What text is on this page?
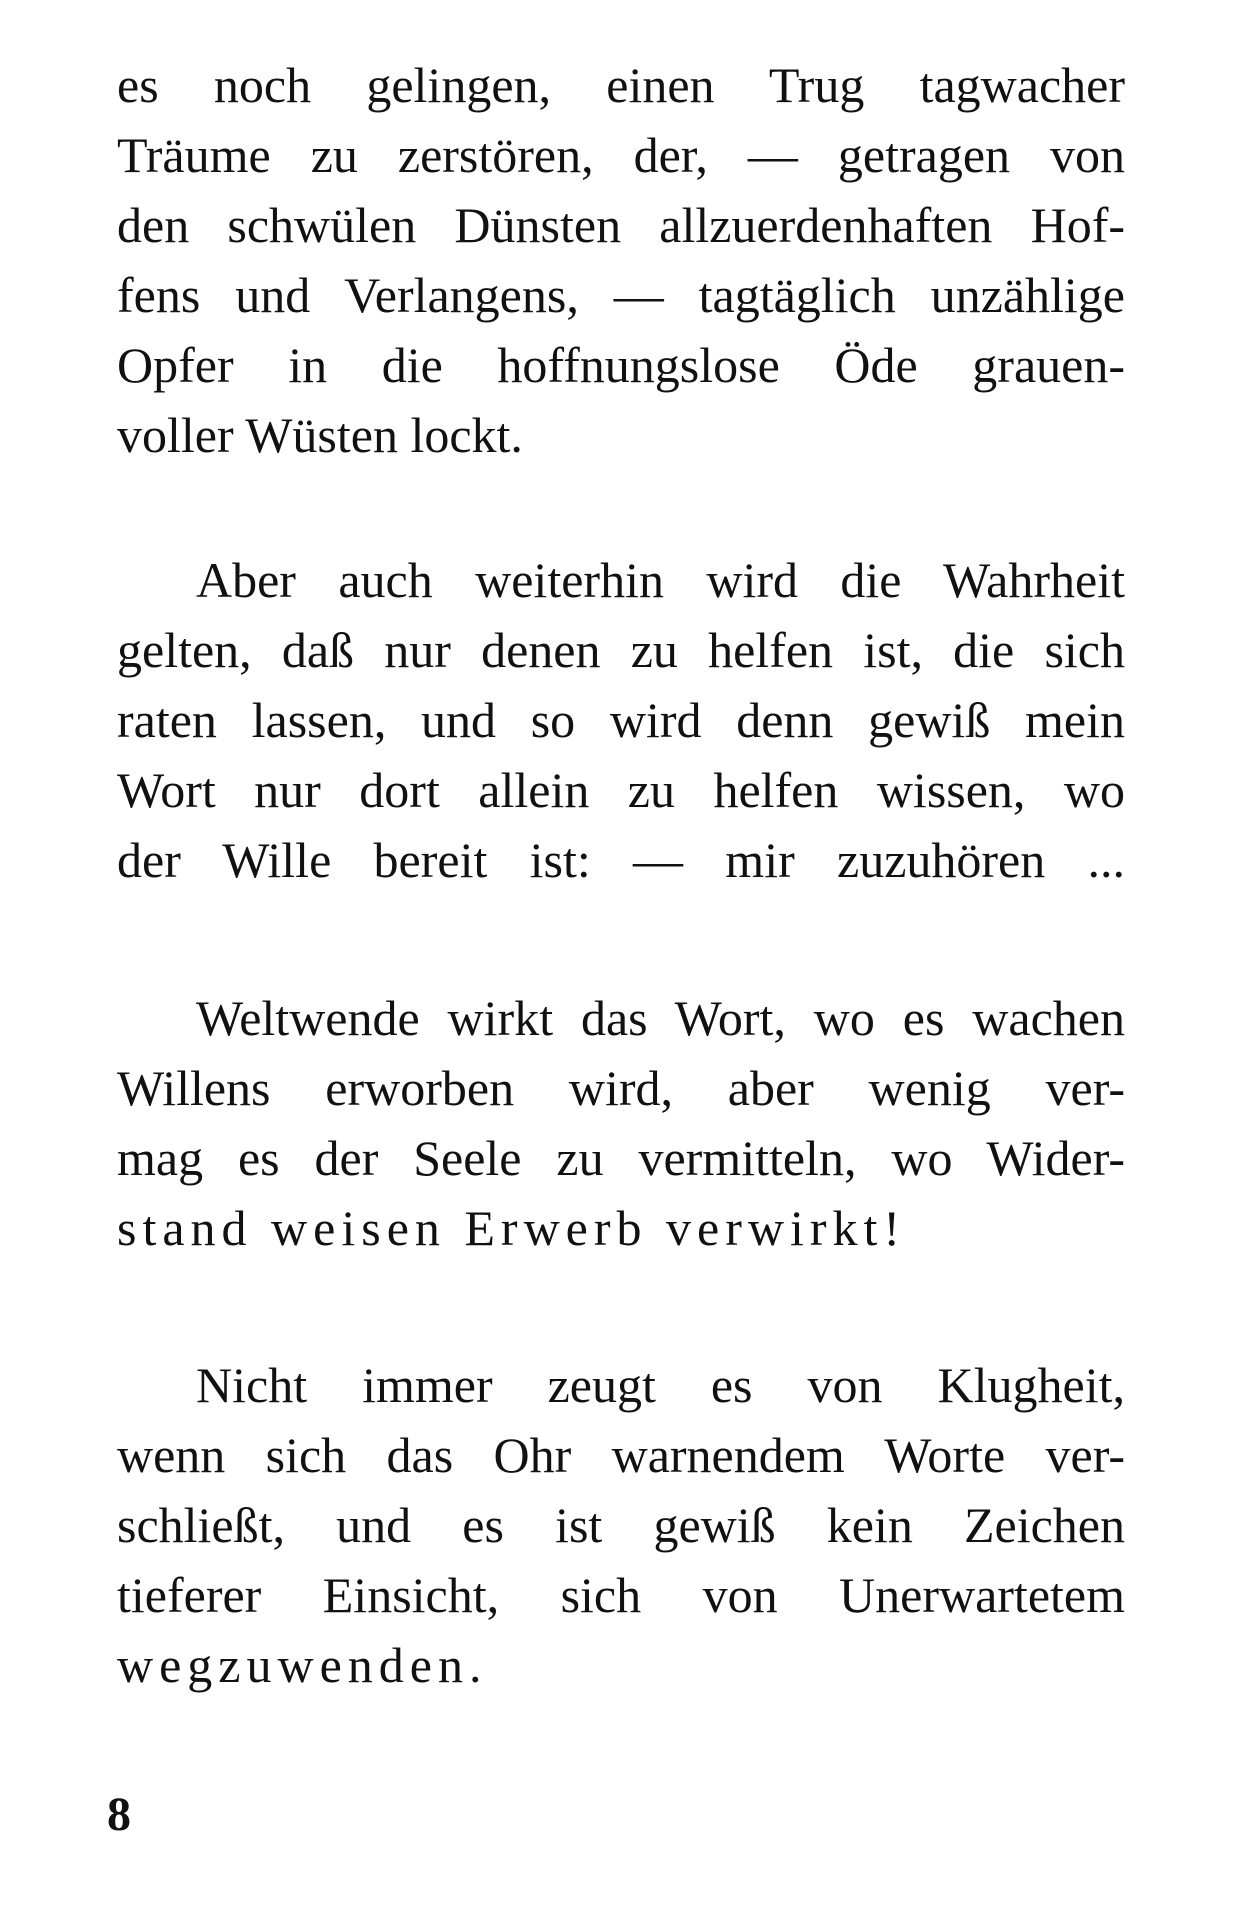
es noch gelingen, einen Trug tagwacher
Träume zu zerstören, der, — getragen von
den schwülen Dünsten allzuerdenhaften Hof-
fens und Verlangens, — tagtäglich unzählige
Opfer in die hoffnungslose Öde grauen-
voller Wüsten lockt.
Aber auch weiterhin wird die Wahrheit
gelten, daß nur denen zu helfen ist, die sich
raten lassen, und so wird denn gewiß mein
Wort nur dort allein zu helfen wissen, wo
der Wille bereit ist: — mir zuzuhören ...
Weltwende wirkt das Wort, wo es wachen
Willens erworben wird, aber wenig ver-
mag es der Seele zu vermitteln, wo Wider-
stand weisen Erwerb verwirkt!
Nicht immer zeugt es von Klugheit,
wenn sich das Ohr warnendem Worte ver-
schließt, und es ist gewiß kein Zeichen
tieferer Einsicht, sich von Unerwartetem
wegzuwenden.
8
